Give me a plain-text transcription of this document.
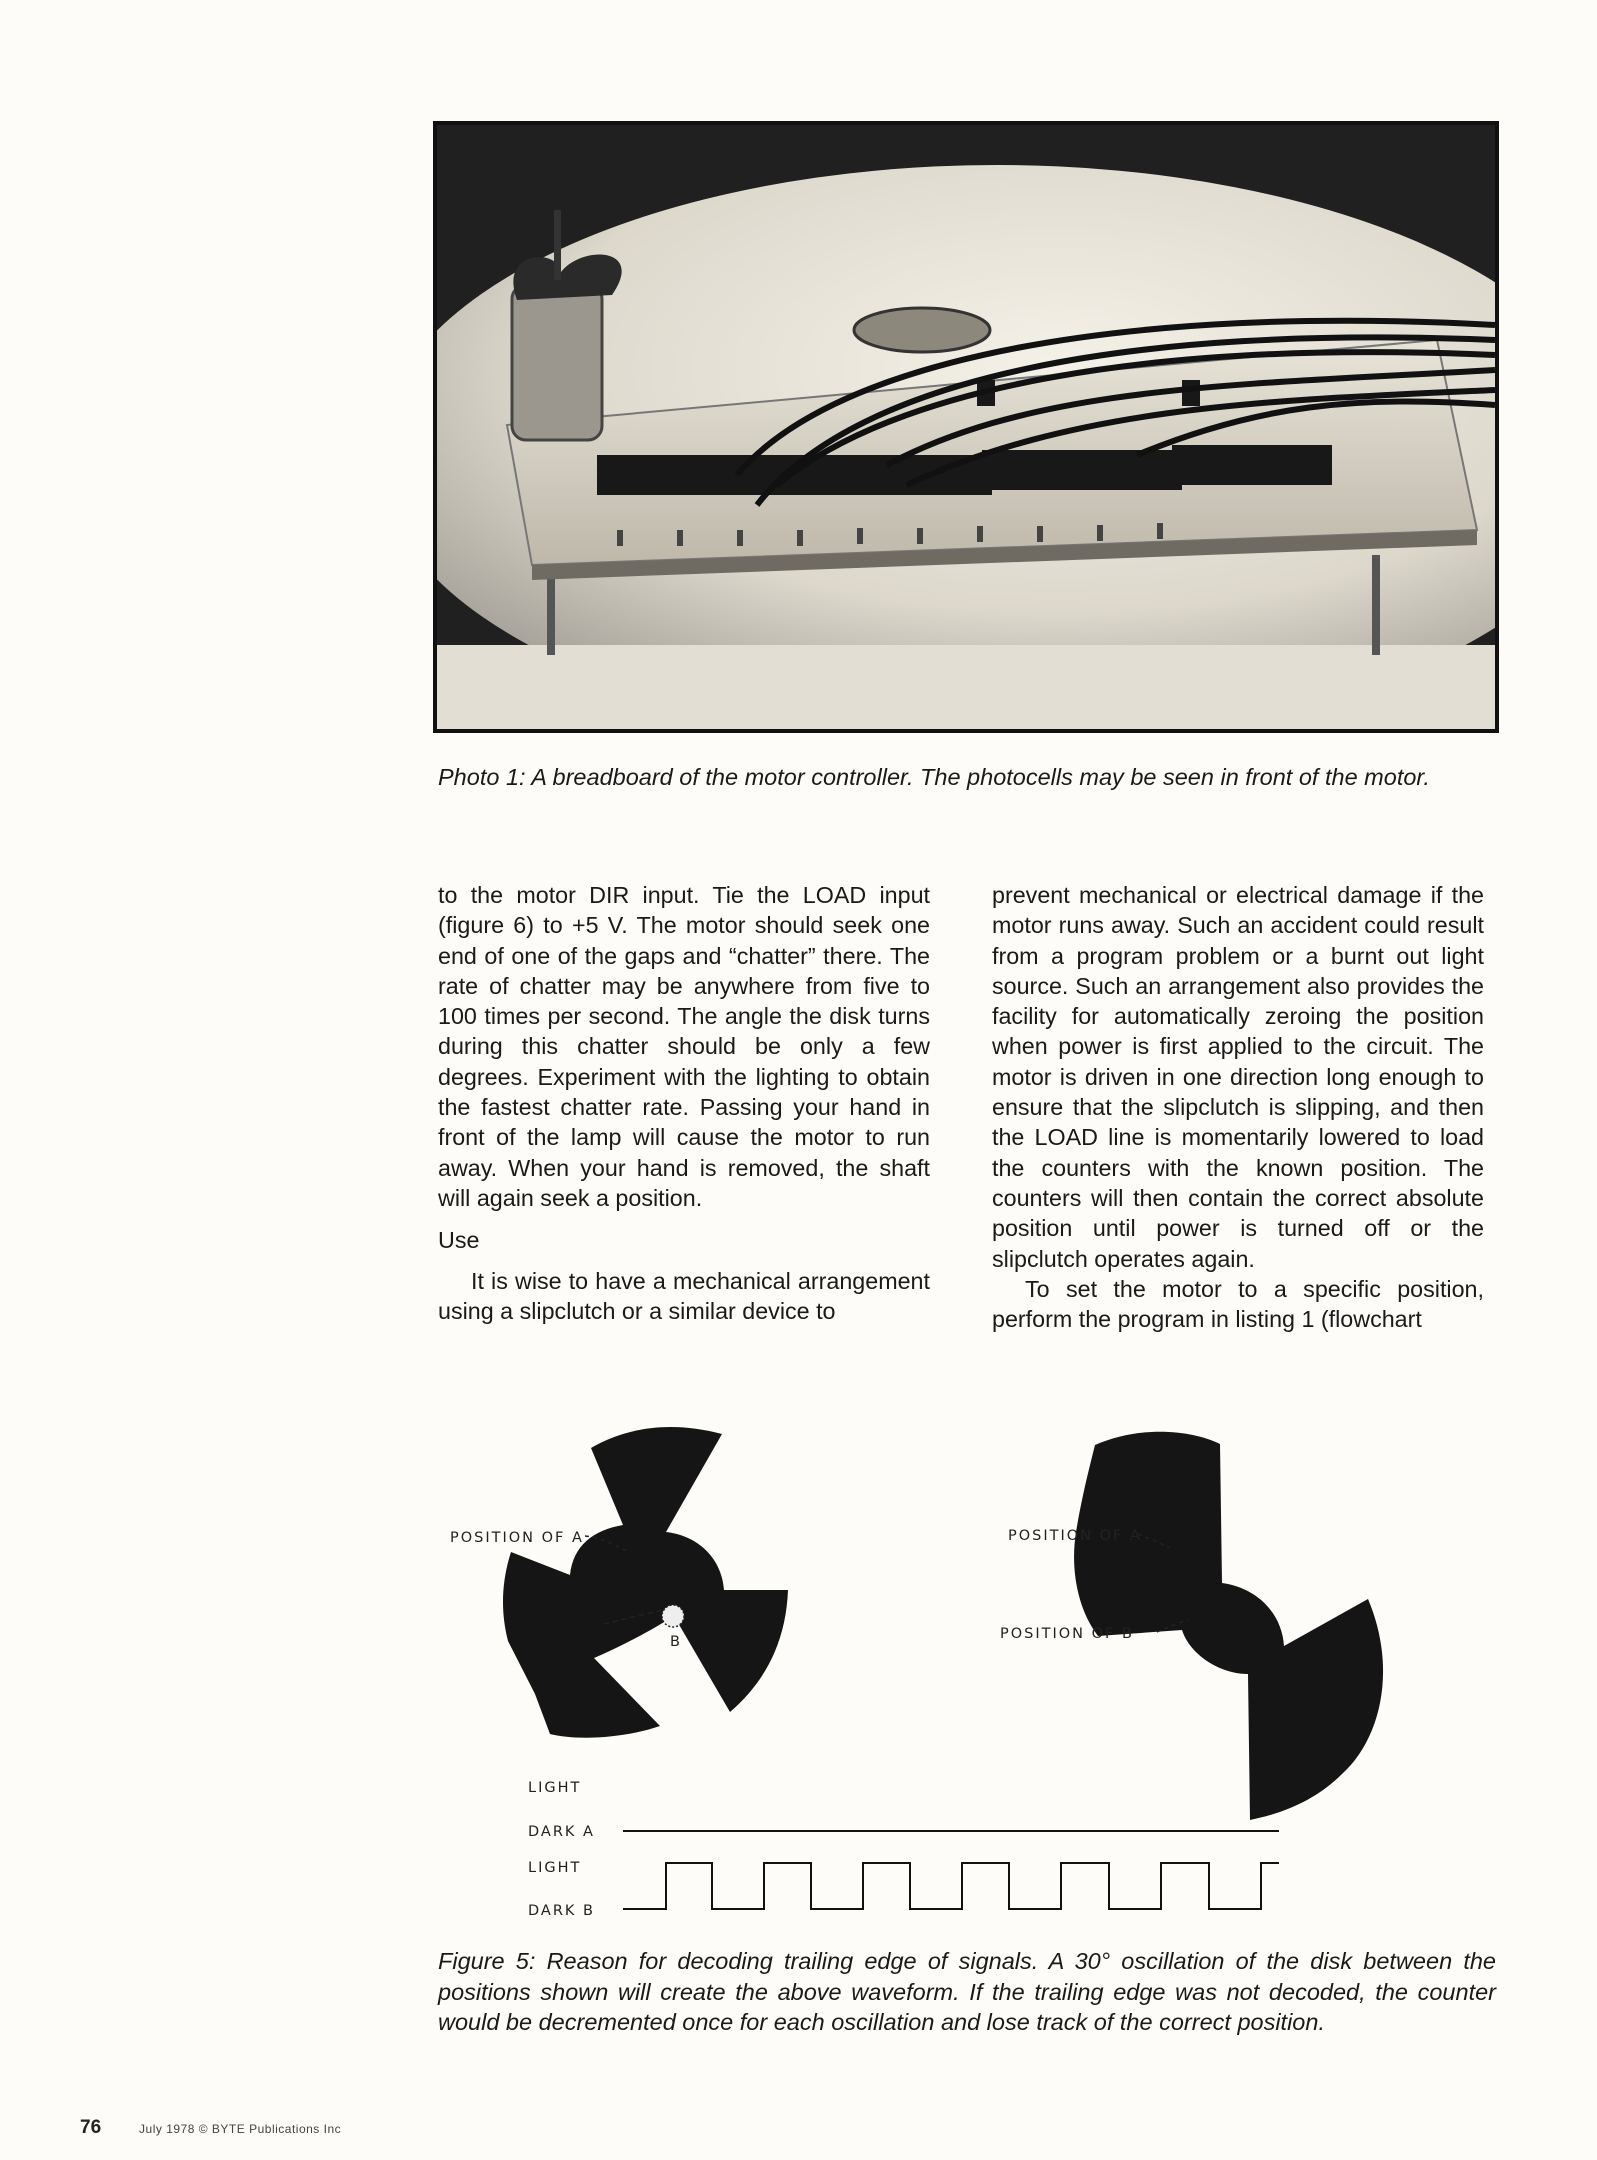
Photo 1: A breadboard of the motor controller. The photocells may be seen in front of the motor.

to the motor DIR input. Tie the LOAD input (figure 6) to +5 V. The motor should seek one end of one of the gaps and “chatter” there. The rate of chatter may be anywhere from five to 100 times per second. The angle the disk turns during this chatter should be only a few degrees. Experiment with the lighting to obtain the fastest chatter rate. Passing your hand in front of the lamp will cause the motor to run away. When your hand is removed, the shaft will again seek a position.

Use

It is wise to have a mechanical arrangement using a slipclutch or a similar device to

prevent mechanical or electrical damage if the motor runs away. Such an accident could result from a program problem or a burnt out light source. Such an arrangement also provides the facility for automatically zeroing the position when power is first applied to the circuit. The motor is driven in one direction long enough to ensure that the slipclutch is slipping, and then the LOAD line is momentarily lowered to load the counters with the known position. The counters will then contain the correct absolute position until power is turned off or the slipclutch operates again.

To set the motor to a specific position, perform the program in listing 1 (flowchart

B
POSITION OF A	POSITION OF A
POSITION OF B
LIGHT
DARK A
LIGHT
DARK B
Figure 5: Reason for decoding trailing edge of signals. A 30° oscillation of the disk between the positions shown will create the above waveform. If the trailing edge was not decoded, the counter would be decremented once for each oscillation and lose track of the correct position.
76	July 1978 © BYTE Publications Inc
